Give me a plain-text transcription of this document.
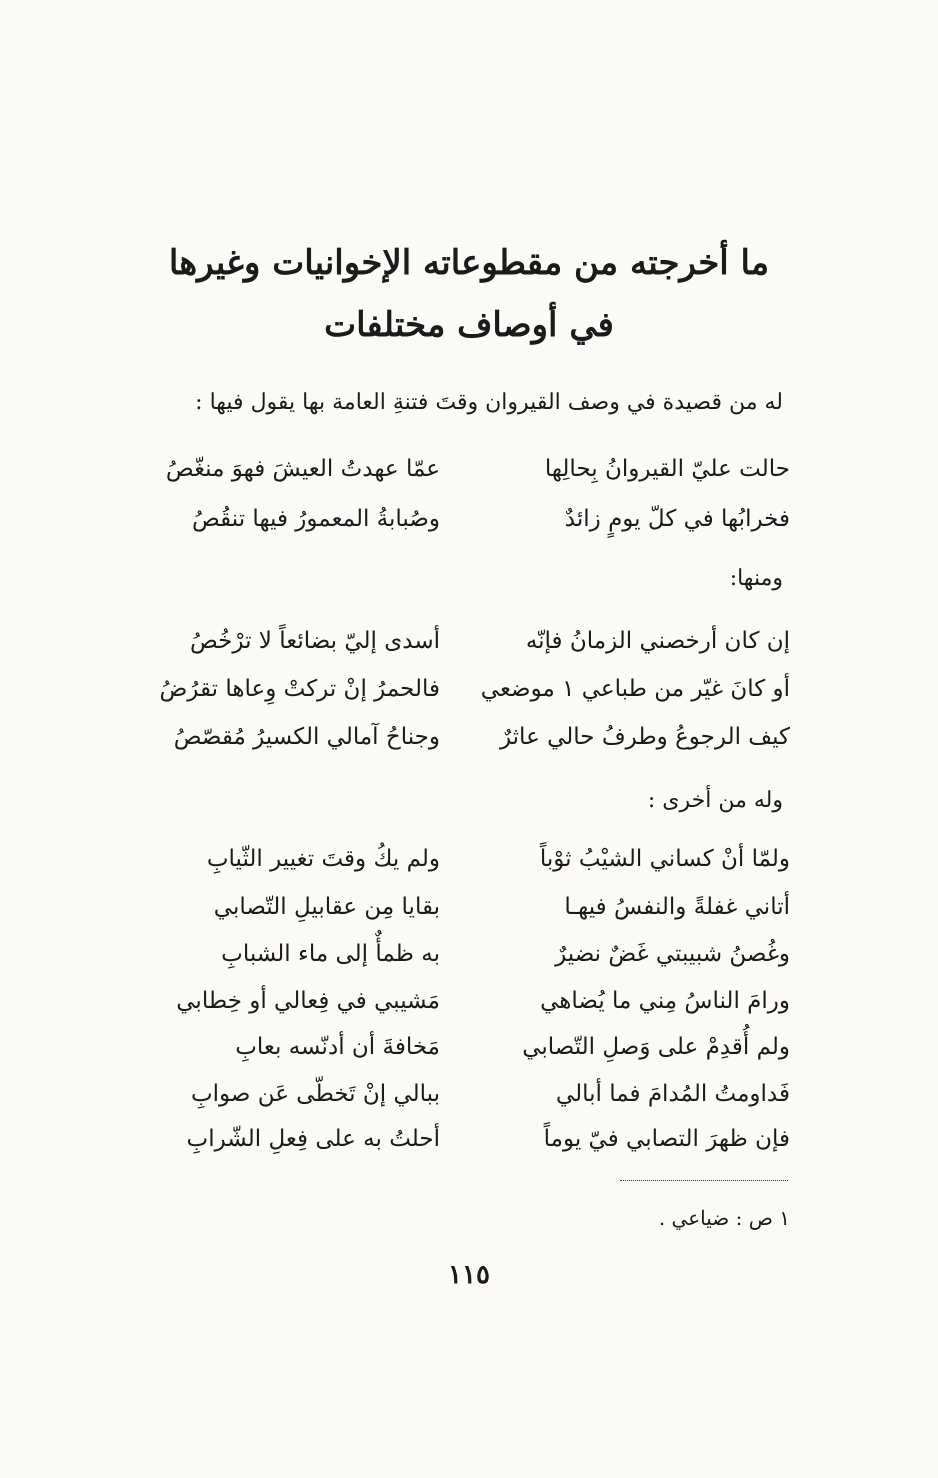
ما أخرجته من مقطوعاته الإخوانيات وغيرها
في أوصاف مختلفات
له من قصيدة في وصف القيروان وقتَ فتنةِ العامة بها يقول فيها :
حالت عليّ القيروانُ بِحالِها
عمّا عهدتُ العيشَ فهوَ منغّصُ
فخرابُها في كلّ يومٍ زائدٌ
وصُبابةُ المعمورُ فيها تنقُصُ
ومنها:
إن كان أرخصني الزمانُ فإنّه
أسدى إليّ بضائعاً لا ترْخُصُ
أو كانَ غيّر من طباعي ١ موضعي
فالحمرُ إنْ تركتْ وِعاها تقرُضُ
كيف الرجوعُ وطرفُ حالي عاثرٌ
وجناحُ آمالي الكسيرُ مُقصّصُ
وله من أخرى :
ولمّا أنْ كساني الشيْبُ ثوْباً
ولم يكُ وقتَ تغيير الثّيابِ
أتاني غفلةً والنفسُ فيهـا
بقايا مِن عقابيلِ التّصابي
وغُصنُ شبيبتي غَضٌ نضيرٌ
به ظمأٌ إلى ماء الشبابِ
ورامَ الناسُ مِني ما يُضاهي
مَشيبي في فِعالي أو خِطابي
ولم أُقدِمْ على وَصلِ التّصابي
مَخافةَ أن أدنّسه بعابِ
فَداومتُ المُدامَ فما أبالي
ببالي إنْ تَخطّى عَن صوابِ
فإن ظهرَ التصابي فيّ يوماً
أحلتُ به على فِعلِ الشّرابِ
١ ص : ضياعي .
١١٥
